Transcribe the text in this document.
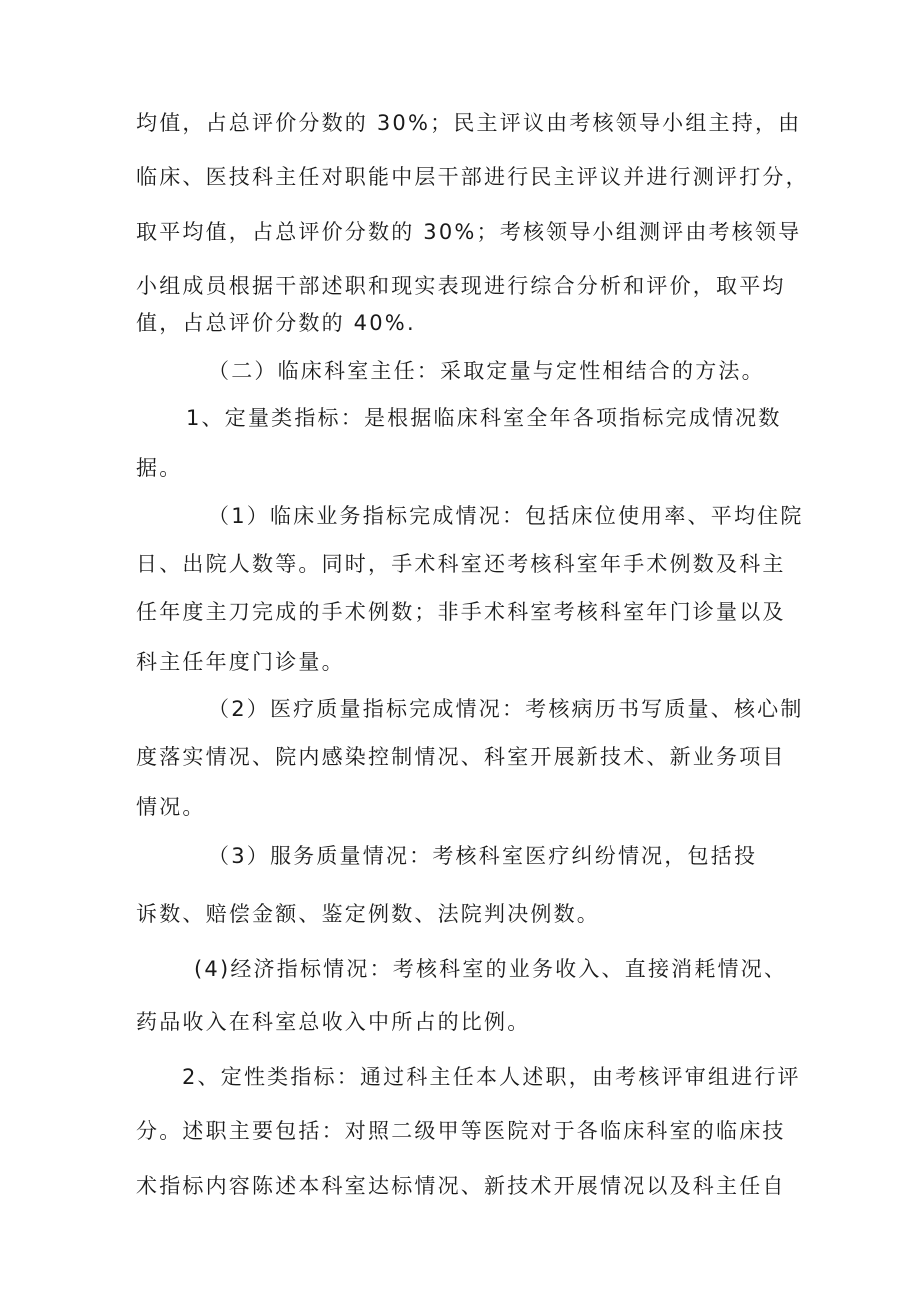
均值，占总评价分数的 30%；民主评议由考核领导小组主持，由
临床、医技科主任对职能中层干部进行民主评议并进行测评打分，
取平均值，占总评价分数的 30%；考核领导小组测评由考核领导
小组成员根据干部述职和现实表现进行综合分析和评价，取平均
值，占总评价分数的 40%.
（二）临床科室主任：采取定量与定性相结合的方法。
1、定量类指标：是根据临床科室全年各项指标完成情况数
据。
（1）临床业务指标完成情况：包括床位使用率、平均住院
日、出院人数等。同时，手术科室还考核科室年手术例数及科主
任年度主刀完成的手术例数；非手术科室考核科室年门诊量以及
科主任年度门诊量。
（2）医疗质量指标完成情况：考核病历书写质量、核心制
度落实情况、院内感染控制情况、科室开展新技术、新业务项目
情况。
（3）服务质量情况：考核科室医疗纠纷情况，包括投
诉数、赔偿金额、鉴定例数、法院判决例数。
(4)经济指标情况：考核科室的业务收入、直接消耗情况、
药品收入在科室总收入中所占的比例。
2、定性类指标：通过科主任本人述职，由考核评审组进行评
分。述职主要包括：对照二级甲等医院对于各临床科室的临床技
术指标内容陈述本科室达标情况、新技术开展情况以及科主任自
